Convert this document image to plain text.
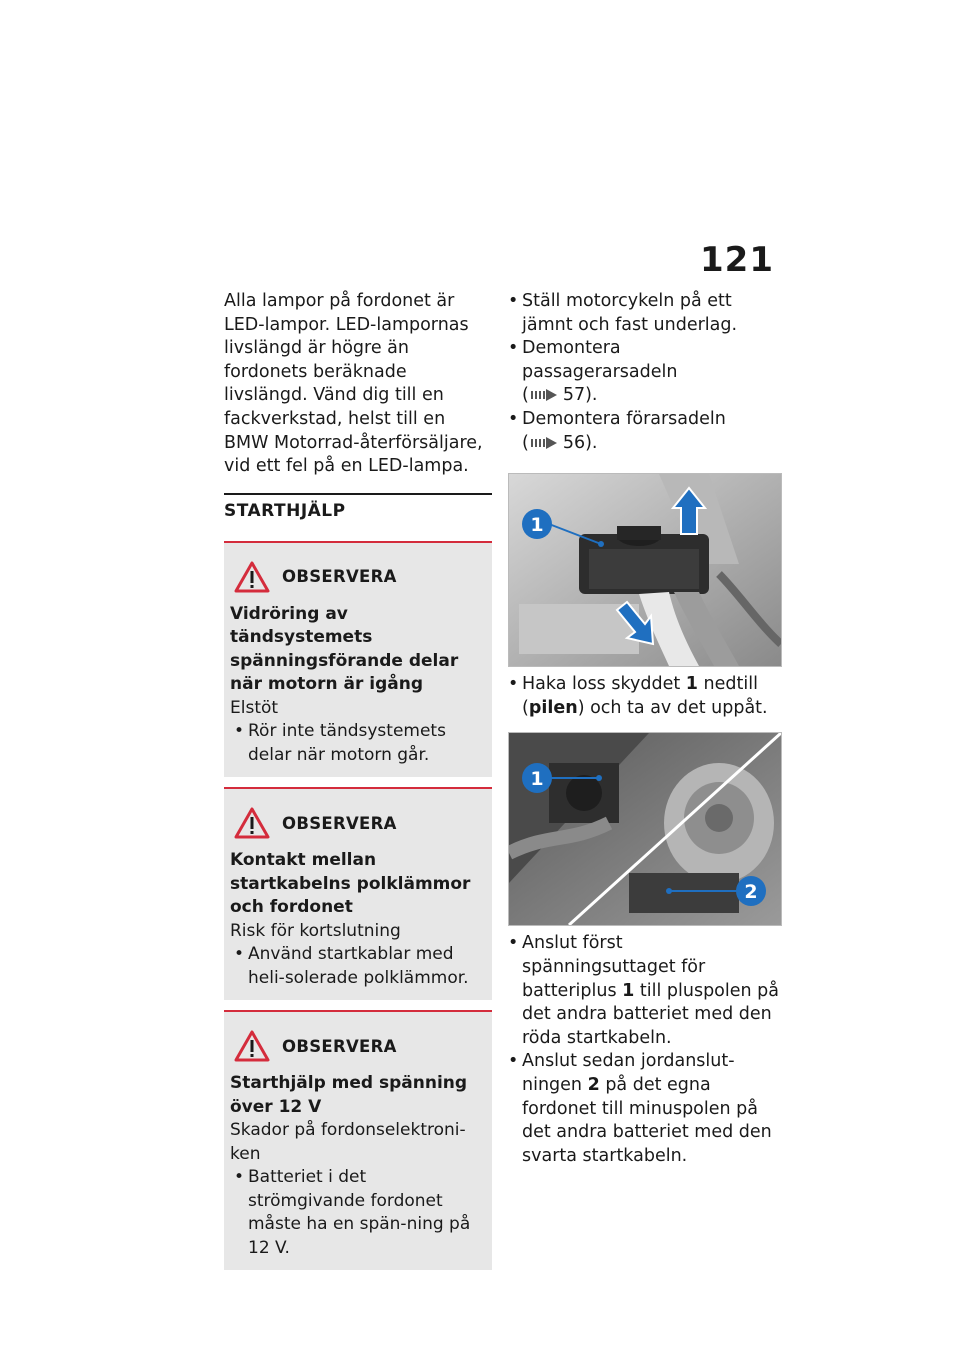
121

Alla lampor på fordonet är LED-lampor. LED-lampornas livslängd är högre än fordonets beräknade livslängd. Vänd dig till en fackverkstad, helst till en BMW Motorrad-återförsäljare, vid ett fel på en LED-lampa.

STARTHJÄLP
OBSERVERA
Vidröring av tändsystemets spänningsförande delar när motorn är igång
Elstöt
• Rör inte tändsystemets delar när motorn går.
OBSERVERA
Kontakt mellan startkabelns polklämmor och fordonet
Risk för kortslutning
• Använd startkablar med heli-solerade polklämmor.
OBSERVERA
Starthjälp med spänning över 12 V
Skador på fordonselektroni-ken
• Batteriet i det strömgivande fordonet måste ha en spän-ning på 12 V.
• Ställ motorcykeln på ett jämnt och fast underlag.
• Demontera passagerarsadeln
( 57).
• Demontera förarsadeln
( 56).
1
• Haka loss skyddet 1 nedtill (pilen) och ta av det uppåt.
1
2
• Anslut först spänningsuttaget för batteriplus 1 till pluspolen på det andra batteriet med den röda startkabeln.
• Anslut sedan jordanslut-ningen 2 på det egna fordonet till minuspolen på det andra batteriet med den svarta startkabeln.
